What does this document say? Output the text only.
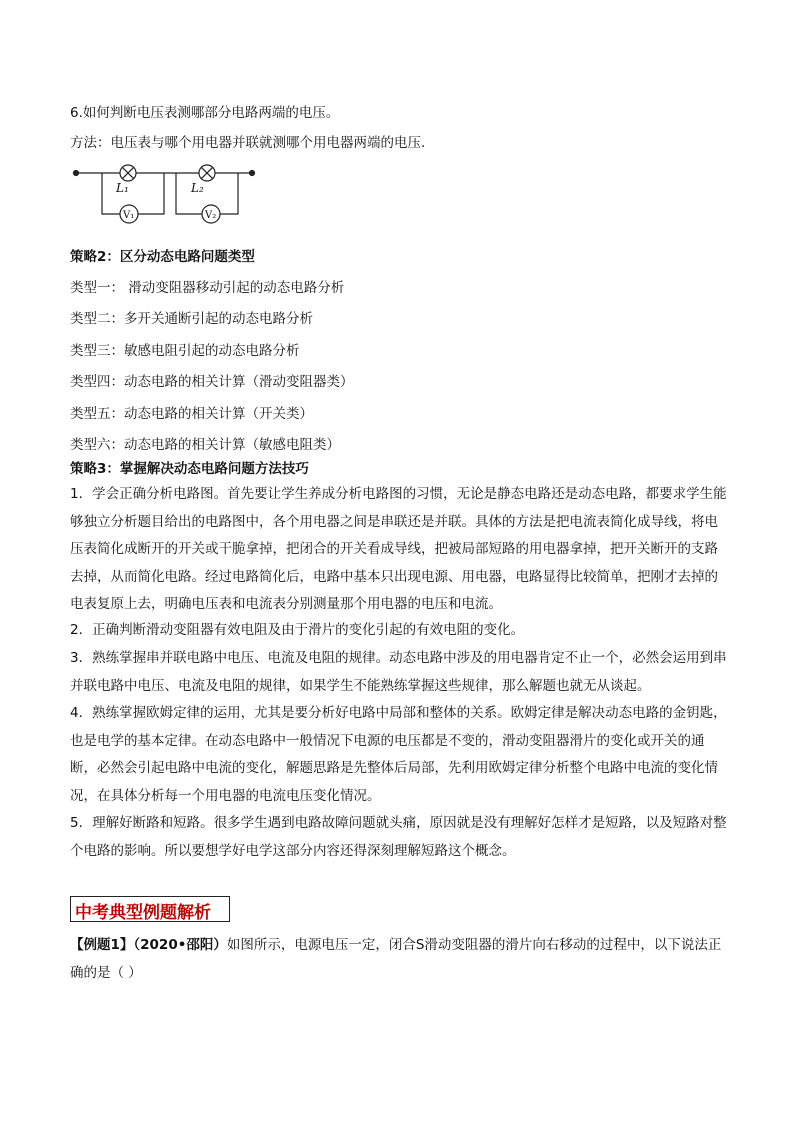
6.如何判断电压表测哪部分电路两端的电压。
方法：电压表与哪个用电器并联就测哪个用电器两端的电压.
L₁	L₂
V₁	V₂
策略2：区分动态电路问题类型
类型一： 滑动变阻器移动引起的动态电路分析
类型二：多开关通断引起的动态电路分析
类型三：敏感电阻引起的动态电路分析
类型四：动态电路的相关计算（滑动变阻器类）
类型五：动态电路的相关计算（开关类）
类型六：动态电路的相关计算（敏感电阻类）
策略3：掌握解决动态电路问题方法技巧
1．学会正确分析电路图。首先要让学生养成分析电路图的习惯，无论是静态电路还是动态电路，都要求学生能够独立分析题目给出的电路图中，各个用电器之间是串联还是并联。具体的方法是把电流表简化成导线，将电压表简化成断开的开关或干脆拿掉，把闭合的开关看成导线，把被局部短路的用电器拿掉，把开关断开的支路去掉，从而简化电路。经过电路简化后，电路中基本只出现电源、用电器，电路显得比较简单，把刚才去掉的电表复原上去，明确电压表和电流表分别测量那个用电器的电压和电流。
2．正确判断滑动变阻器有效电阻及由于滑片的变化引起的有效电阻的变化。
3．熟练掌握串并联电路中电压、电流及电阻的规律。动态电路中涉及的用电器肯定不止一个，必然会运用到串并联电路中电压、电流及电阻的规律，如果学生不能熟练掌握这些规律，那么解题也就无从谈起。
4．熟练掌握欧姆定律的运用，尤其是要分析好电路中局部和整体的关系。欧姆定律是解决动态电路的金钥匙，也是电学的基本定律。在动态电路中一般情况下电源的电压都是不变的，滑动变阻器滑片的变化或开关的通断，必然会引起电路中电流的变化，解题思路是先整体后局部，先利用欧姆定律分析整个电路中电流的变化情况，在具体分析每一个用电器的电流电压变化情况。
5．理解好断路和短路。很多学生遇到电路故障问题就头痛，原因就是没有理解好怎样才是短路，以及短路对整个电路的影响。所以要想学好电学这部分内容还得深刻理解短路这个概念。
中考典型例题解析
【例题1】（2020•邵阳）如图所示，电源电压一定，闭合S滑动变阻器的滑片向右移动的过程中，以下说法正确的是（ ）
